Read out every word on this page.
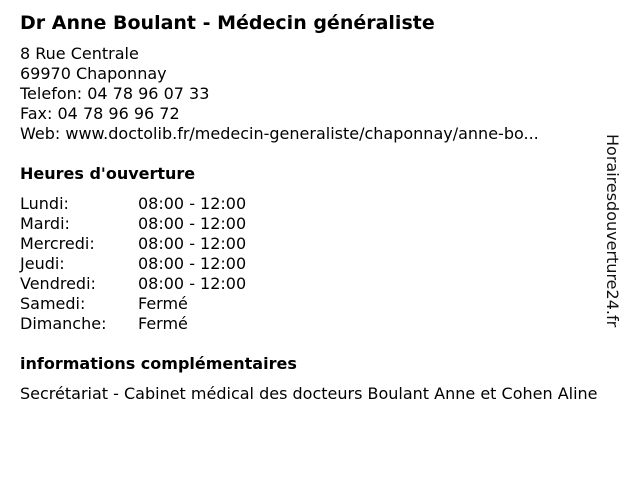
Dr Anne Boulant - Médecin généraliste
8 Rue Centrale
69970 Chaponnay
Telefon: 04 78 96 07 33
Fax: 04 78 96 96 72
Web: www.doctolib.fr/medecin-generaliste/chaponnay/anne-bo...
Heures d'ouverture
Lundi:	08:00 - 12:00
Mardi:	08:00 - 12:00
Mercredi:	08:00 - 12:00
Jeudi:	08:00 - 12:00
Vendredi:	08:00 - 12:00
Samedi:	Fermé
Dimanche:	Fermé
informations complémentaires
Secrétariat - Cabinet médical des docteurs Boulant Anne et Cohen Aline
Horairesdouverture24.fr
